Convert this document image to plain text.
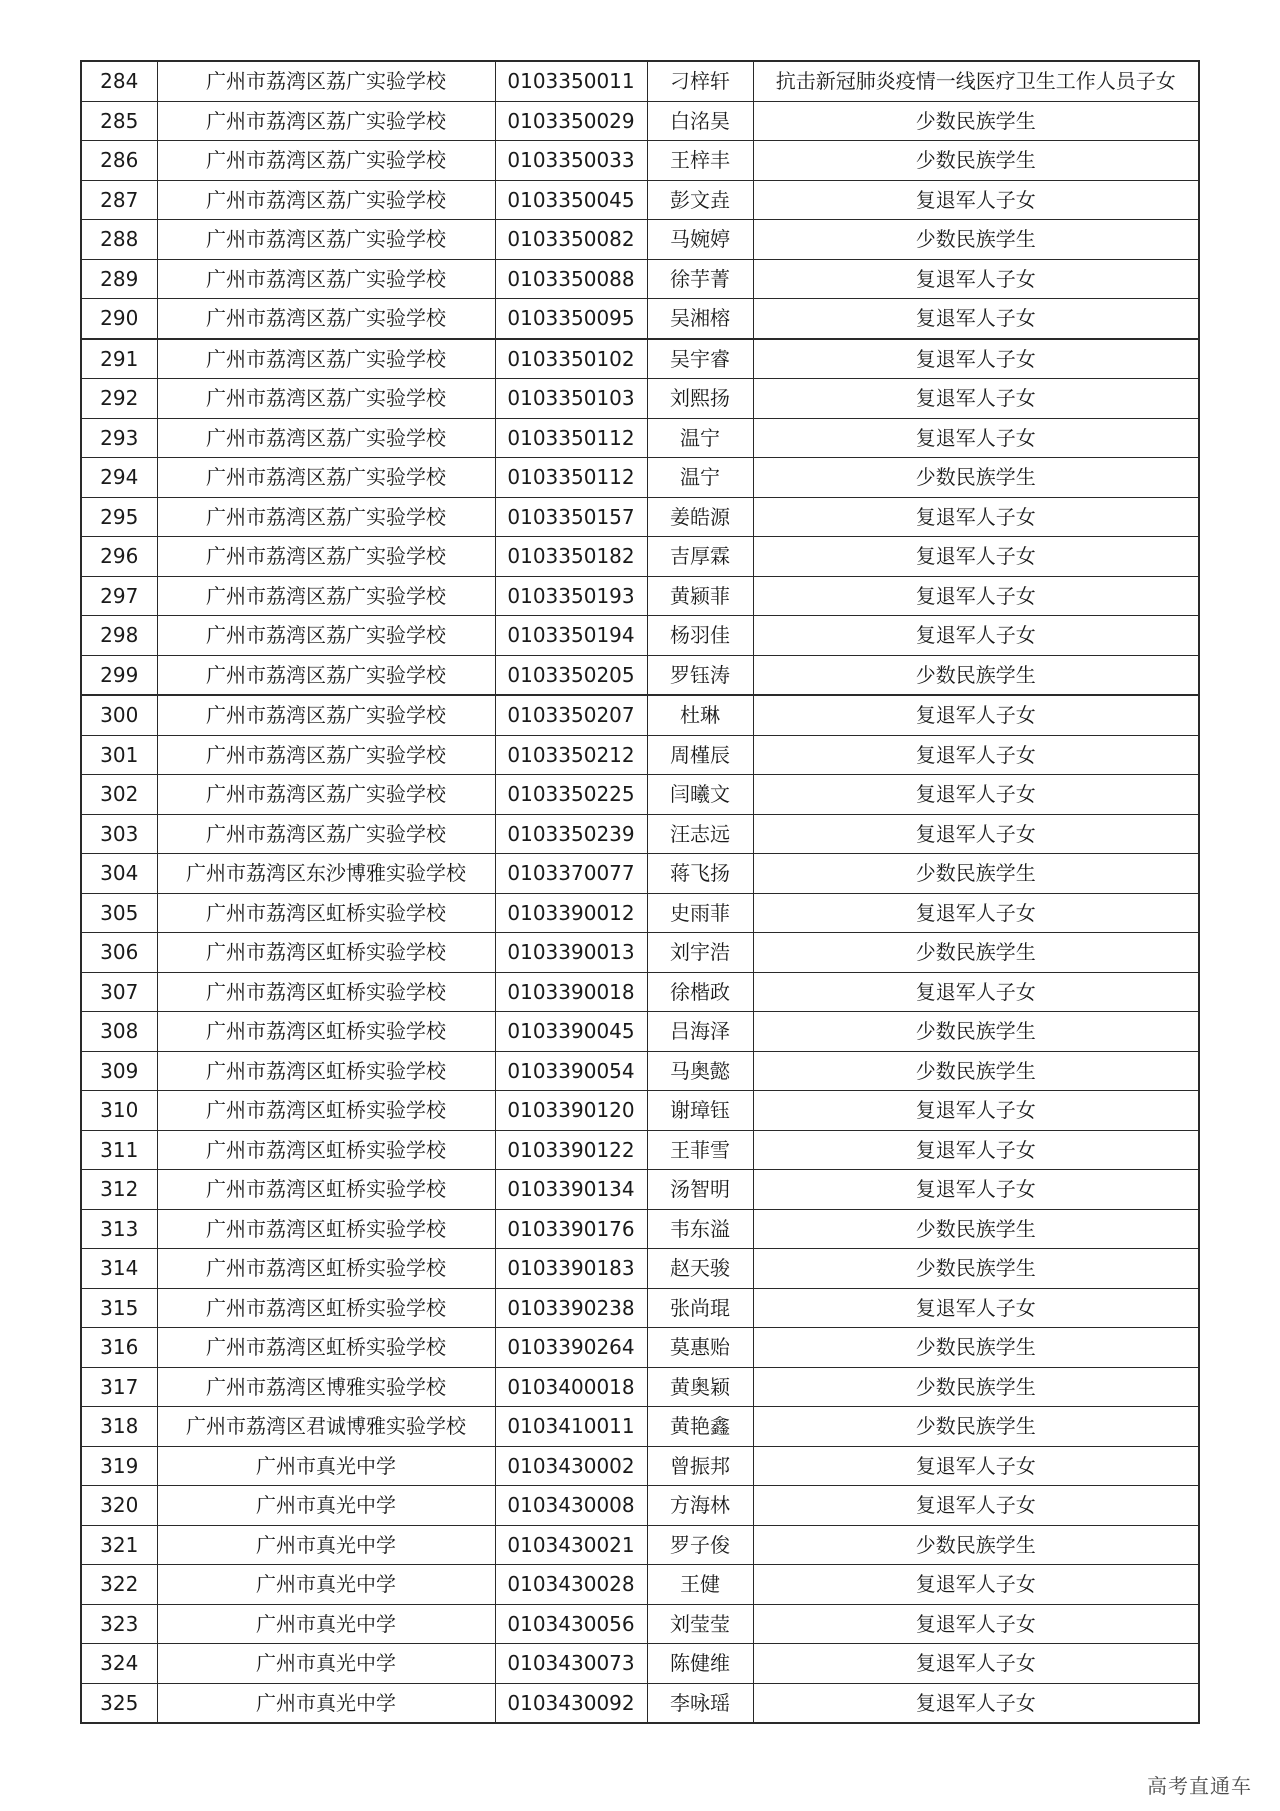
284	广州市荔湾区荔广实验学校	0103350011	刁梓轩	抗击新冠肺炎疫情一线医疗卫生工作人员子女
285	广州市荔湾区荔广实验学校	0103350029	白洺昊	少数民族学生
286	广州市荔湾区荔广实验学校	0103350033	王梓丰	少数民族学生
287	广州市荔湾区荔广实验学校	0103350045	彭文垚	复退军人子女
288	广州市荔湾区荔广实验学校	0103350082	马婉婷	少数民族学生
289	广州市荔湾区荔广实验学校	0103350088	徐芋菁	复退军人子女
290	广州市荔湾区荔广实验学校	0103350095	吴湘榕	复退军人子女
291	广州市荔湾区荔广实验学校	0103350102	吴宇睿	复退军人子女
292	广州市荔湾区荔广实验学校	0103350103	刘熙扬	复退军人子女
293	广州市荔湾区荔广实验学校	0103350112	温宁	复退军人子女
294	广州市荔湾区荔广实验学校	0103350112	温宁	少数民族学生
295	广州市荔湾区荔广实验学校	0103350157	姜皓源	复退军人子女
296	广州市荔湾区荔广实验学校	0103350182	吉厚霖	复退军人子女
297	广州市荔湾区荔广实验学校	0103350193	黄颍菲	复退军人子女
298	广州市荔湾区荔广实验学校	0103350194	杨羽佳	复退军人子女
299	广州市荔湾区荔广实验学校	0103350205	罗钰涛	少数民族学生
300	广州市荔湾区荔广实验学校	0103350207	杜琳	复退军人子女
301	广州市荔湾区荔广实验学校	0103350212	周槿辰	复退军人子女
302	广州市荔湾区荔广实验学校	0103350225	闫曦文	复退军人子女
303	广州市荔湾区荔广实验学校	0103350239	汪志远	复退军人子女
304	广州市荔湾区东沙博雅实验学校	0103370077	蒋飞扬	少数民族学生
305	广州市荔湾区虹桥实验学校	0103390012	史雨菲	复退军人子女
306	广州市荔湾区虹桥实验学校	0103390013	刘宇浩	少数民族学生
307	广州市荔湾区虹桥实验学校	0103390018	徐楷政	复退军人子女
308	广州市荔湾区虹桥实验学校	0103390045	吕海泽	少数民族学生
309	广州市荔湾区虹桥实验学校	0103390054	马奥懿	少数民族学生
310	广州市荔湾区虹桥实验学校	0103390120	谢璋钰	复退军人子女
311	广州市荔湾区虹桥实验学校	0103390122	王菲雪	复退军人子女
312	广州市荔湾区虹桥实验学校	0103390134	汤智明	复退军人子女
313	广州市荔湾区虹桥实验学校	0103390176	韦东溢	少数民族学生
314	广州市荔湾区虹桥实验学校	0103390183	赵天骏	少数民族学生
315	广州市荔湾区虹桥实验学校	0103390238	张尚琨	复退军人子女
316	广州市荔湾区虹桥实验学校	0103390264	莫惠贻	少数民族学生
317	广州市荔湾区博雅实验学校	0103400018	黄奥颖	少数民族学生
318	广州市荔湾区君诚博雅实验学校	0103410011	黄艳鑫	少数民族学生
319	广州市真光中学	0103430002	曾振邦	复退军人子女
320	广州市真光中学	0103430008	方海林	复退军人子女
321	广州市真光中学	0103430021	罗子俊	少数民族学生
322	广州市真光中学	0103430028	王健	复退军人子女
323	广州市真光中学	0103430056	刘莹莹	复退军人子女
324	广州市真光中学	0103430073	陈健维	复退军人子女
325	广州市真光中学	0103430092	李咏瑶	复退军人子女
高考直通车
